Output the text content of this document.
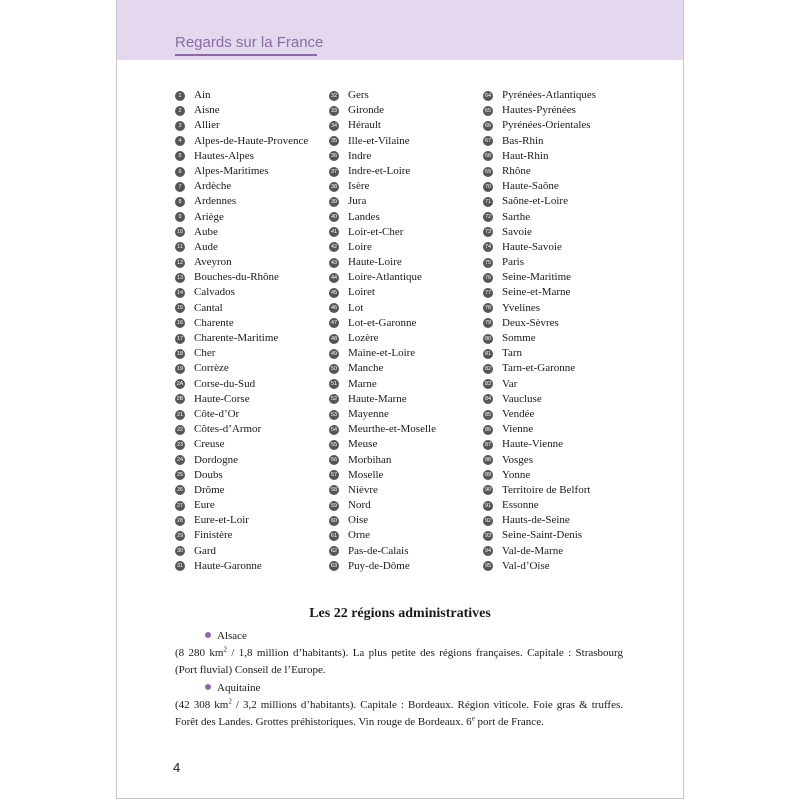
Regards sur la France
1	Ain
2	Aisne
3	Allier
4	Alpes-de-Haute-Provence
5	Hautes-Alpes
6	Alpes-Maritimes
7	Ardèche
8	Ardennes
9	Ariège
10 Aube
11 Aude
12 Aveyron
13 Bouches-du-Rhône
14 Calvados
15 Cantal
16 Charente
17 Charente-Maritime
18 Cher
19 Corrèze
2A Corse-du-Sud
2B Haute-Corse
21 Côte-d’Or
22 Côtes-d’Armor
23 Creuse
24 Dordogne
25 Doubs
26 Drôme
27 Eure
28 Eure-et-Loir
29 Finistère
30 Gard
31 Haute-Garonne
32 Gers
33 Gironde
34 Hérault
35 Ille-et-Vilaine
36 Indre
37 Indre-et-Loire
38 Isère
39 Jura
40 Landes
41 Loir-et-Cher
42 Loire
43 Haute-Loire
44 Loire-Atlantique
45 Loiret
46 Lot
47 Lot-et-Garonne
48 Lozère
49 Maine-et-Loire
50 Manche
51 Marne
52 Haute-Marne
53 Mayenne
54 Meurthe-et-Moselle
55 Meuse
56 Morbihan
57 Moselle
58 Nièvre
59 Nord
60 Oise
61 Orne
62 Pas-de-Calais
63 Puy-de-Dôme
64 Pyrénées-Atlantiques
65 Hautes-Pyrénées
66 Pyrénées-Orientales
67 Bas-Rhin
68 Haut-Rhin
69 Rhône
70 Haute-Saône
71 Saône-et-Loire
72 Sarthe
73 Savoie
74 Haute-Savoie
75 Paris
76 Seine-Maritime
77 Seine-et-Marne
78 Yvelines
79 Deux-Sèvres
80 Somme
81 Tarn
82 Tarn-et-Garonne
83 Var
84 Vaucluse
85 Vendée
86 Vienne
87 Haute-Vienne
88 Vosges
89 Yonne
90 Territoire de Belfort
91 Essonne
92 Hauts-de-Seine
93 Seine-Saint-Denis
94 Val-de-Marne
95 Val-d’Oise
Les 22 régions administratives
Alsace
(8 280 $km^2 / 1,8$ million d’habitants). La plus petite des régions françaises. Capitale : Strasbourg (Port fluvial) Conseil de l’Europe.
Aquitaine
(42 308 $km^2 / 3,2$ millions d’habitants). Capitale : Bordeaux. Région viticole. Foie gras & truffes. Forêt des Landes. Grottes préhistoriques. Vin rouge de Bordeaux. 6e port de France.
4
